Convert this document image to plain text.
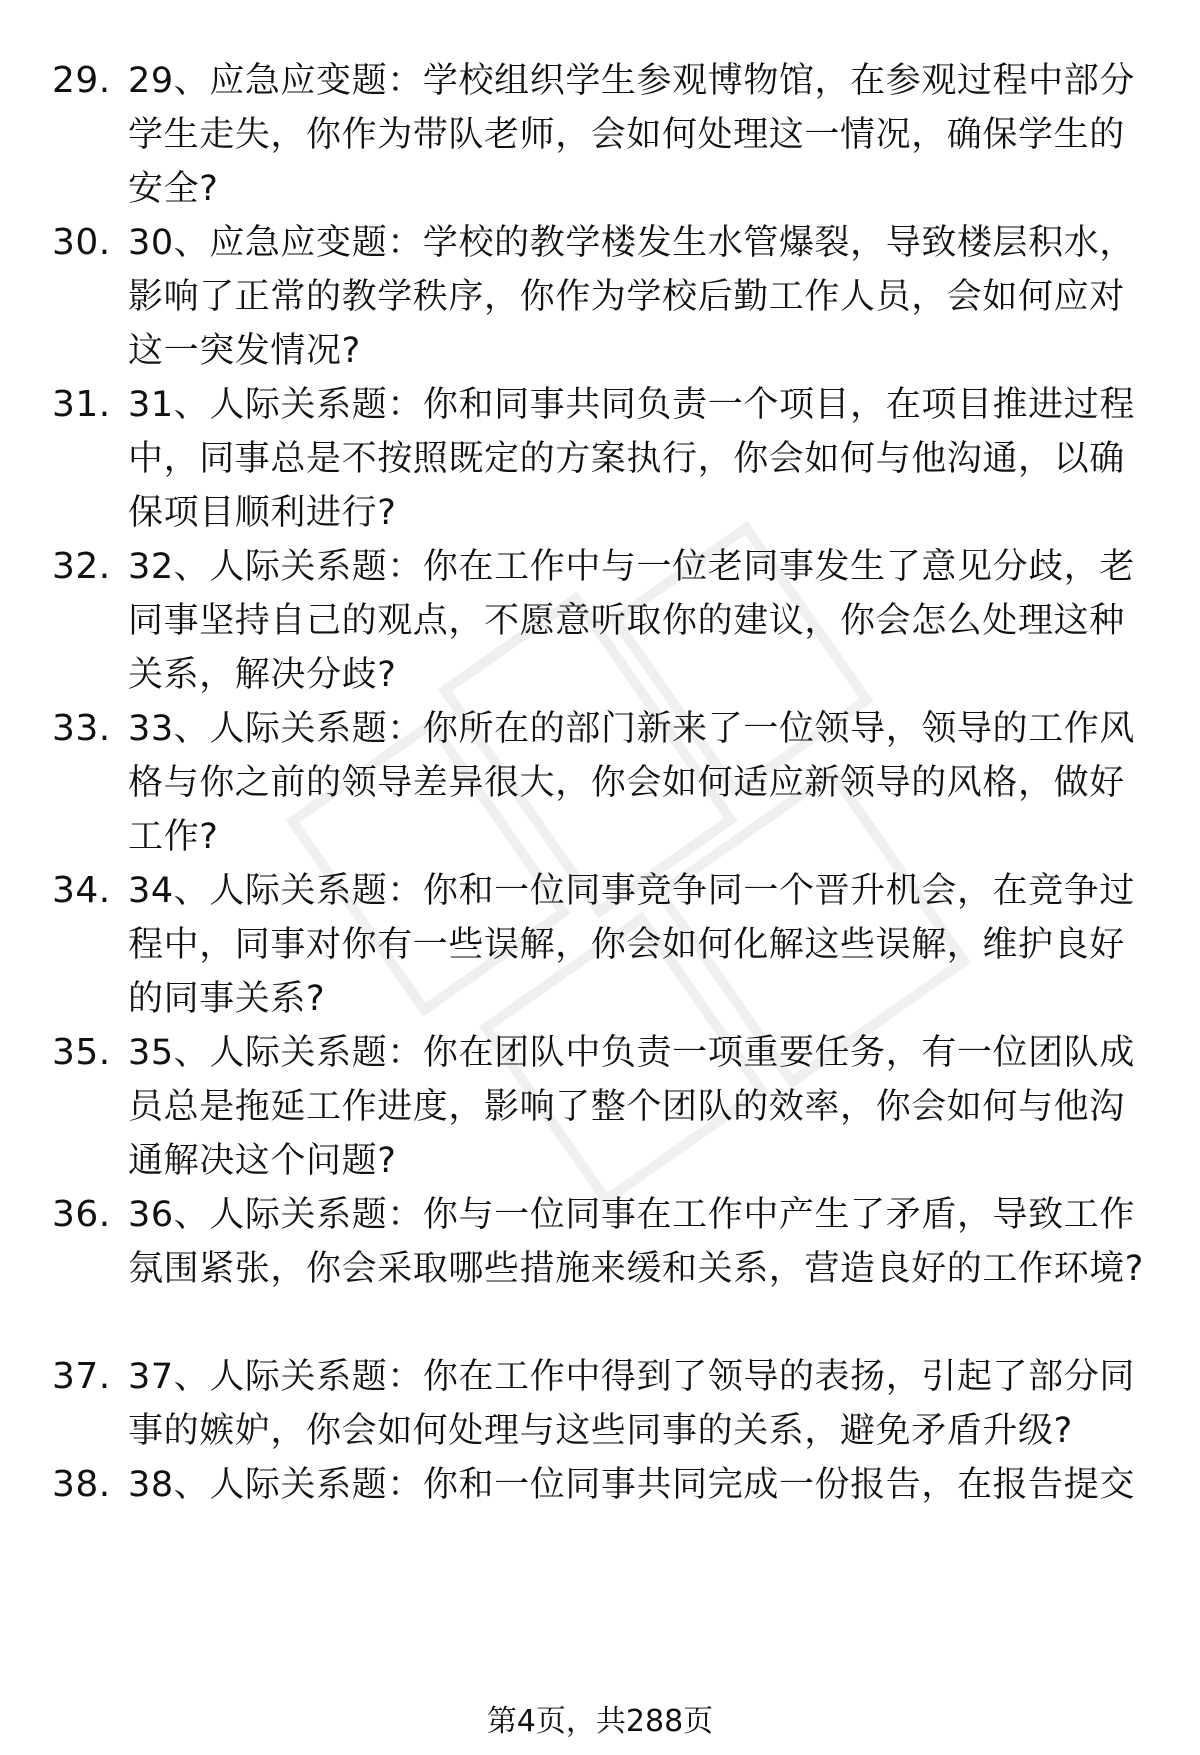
29. 29、应急应变题：学校组织学生参观博物馆，在参观过程中部分学生走失，你作为带队老师，会如何处理这一情况，确保学生的安全?
30. 30、应急应变题：学校的教学楼发生水管爆裂，导致楼层积水，影响了正常的教学秩序，你作为学校后勤工作人员，会如何应对这一突发情况?
31. 31、人际关系题：你和同事共同负责一个项目，在项目推进过程中，同事总是不按照既定的方案执行，你会如何与他沟通，以确保项目顺利进行?
32. 32、人际关系题：你在工作中与一位老同事发生了意见分歧，老同事坚持自己的观点，不愿意听取你的建议，你会怎么处理这种关系，解决分歧?
33. 33、人际关系题：你所在的部门新来了一位领导，领导的工作风格与你之前的领导差异很大，你会如何适应新领导的风格，做好工作?
34. 34、人际关系题：你和一位同事竞争同一个晋升机会，在竞争过程中，同事对你有一些误解，你会如何化解这些误解，维护良好的同事关系?
35. 35、人际关系题：你在团队中负责一项重要任务，有一位团队成员总是拖延工作进度，影响了整个团队的效率，你会如何与他沟通解决这个问题?
36. 36、人际关系题：你与一位同事在工作中产生了矛盾，导致工作氛围紧张，你会采取哪些措施来缓和关系，营造良好的工作环境?
37. 37、人际关系题：你在工作中得到了领导的表扬，引起了部分同事的嫉妒，你会如何处理与这些同事的关系，避免矛盾升级?
38. 38、人际关系题：你和一位同事共同完成一份报告，在报告提交
第4页，共288页
